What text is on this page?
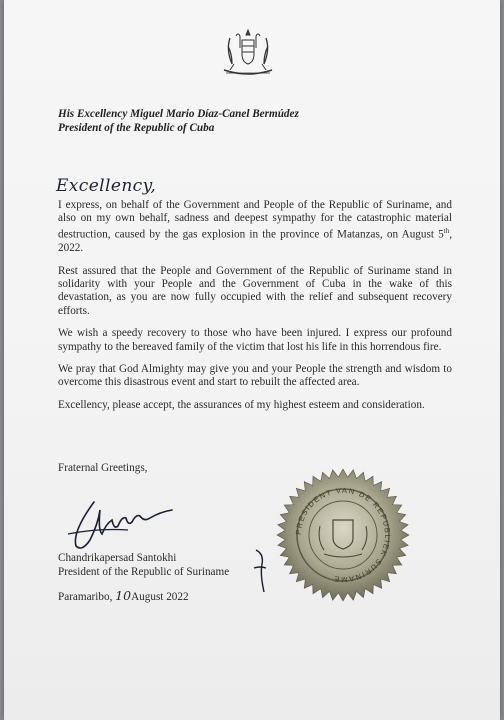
His Excellency Miguel Mario Díaz-Canel Bermúdez
President of the Republic of Cuba
Excellency,

I express, on behalf of the Government and People of the Republic of Suriname, and also on my own behalf, sadness and deepest sympathy for the catastrophic material destruction, caused by the gas explosion in the province of Matanzas, on August 5th, 2022.

Rest assured that the People and Government of the Republic of Suriname stand in solidarity with your People and the Government of Cuba in the wake of this devastation, as you are now fully occupied with the relief and subsequent recovery efforts.

We wish a speedy recovery to those who have been injured. I express our profound sympathy to the bereaved family of the victim that lost his life in this horrendous fire.

We pray that God Almighty may give you and your People the strength and wisdom to overcome this disastrous event and start to rebuilt the affected area.

Excellency, please accept, the assurances of my highest esteem and consideration.

Fraternal Greetings,
Chandrikapersad Santokhi
President of the Republic of Suriname
Paramaribo, 10August 2022
PRESIDENT VAN DE REPUBLIEK SURINAME
